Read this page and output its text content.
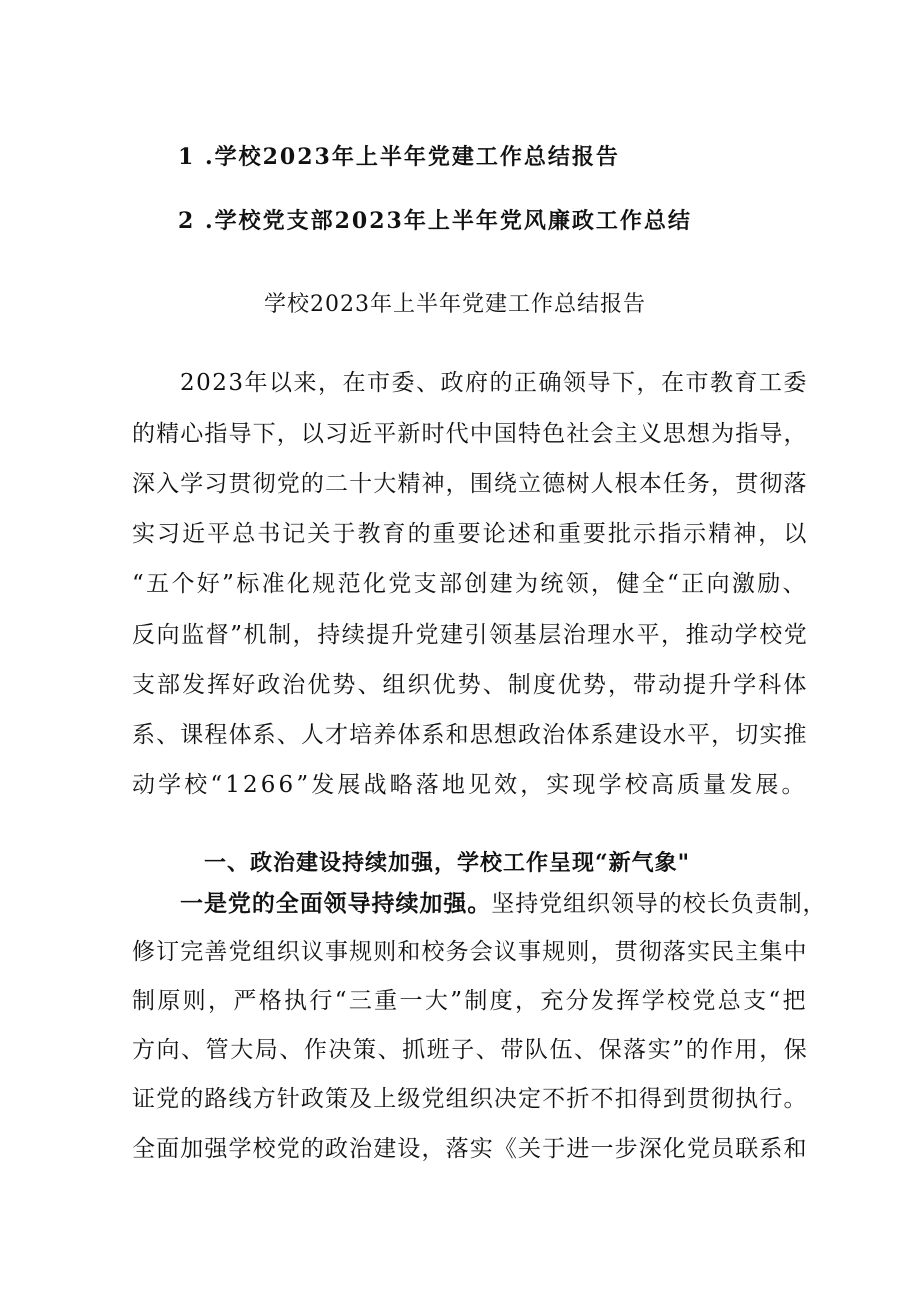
1 .学校2023年上半年党建工作总结报告
2 .学校党支部2023年上半年党风廉政工作总结
学校2023年上半年党建工作总结报告
2023年以来，在市委、政府的正确领导下，在市教育工委
的精心指导下，以习近平新时代中国特色社会主义思想为指导，
深入学习贯彻党的二十大精神，围绕立德树人根本任务，贯彻落
实习近平总书记关于教育的重要论述和重要批示指示精神，以
“五个好”标准化规范化党支部创建为统领，健全“正向激励、
反向监督”机制，持续提升党建引领基层治理水平，推动学校党
支部发挥好政治优势、组织优势、制度优势，带动提升学科体
系、课程体系、人才培养体系和思想政治体系建设水平，切实推
动学校“1266”发展战略落地见效，实现学校高质量发展。
一、政治建设持续加强，学校工作呈现“新气象"
一是党的全面领导持续加强。坚持党组织领导的校长负责制，
修订完善党组织议事规则和校务会议事规则，贯彻落实民主集中
制原则，严格执行“三重一大”制度，充分发挥学校党总支“把
方向、管大局、作决策、抓班子、带队伍、保落实”的作用，保
证党的路线方针政策及上级党组织决定不折不扣得到贯彻执行。
全面加强学校党的政治建设，落实《关于进一步深化党员联系和
